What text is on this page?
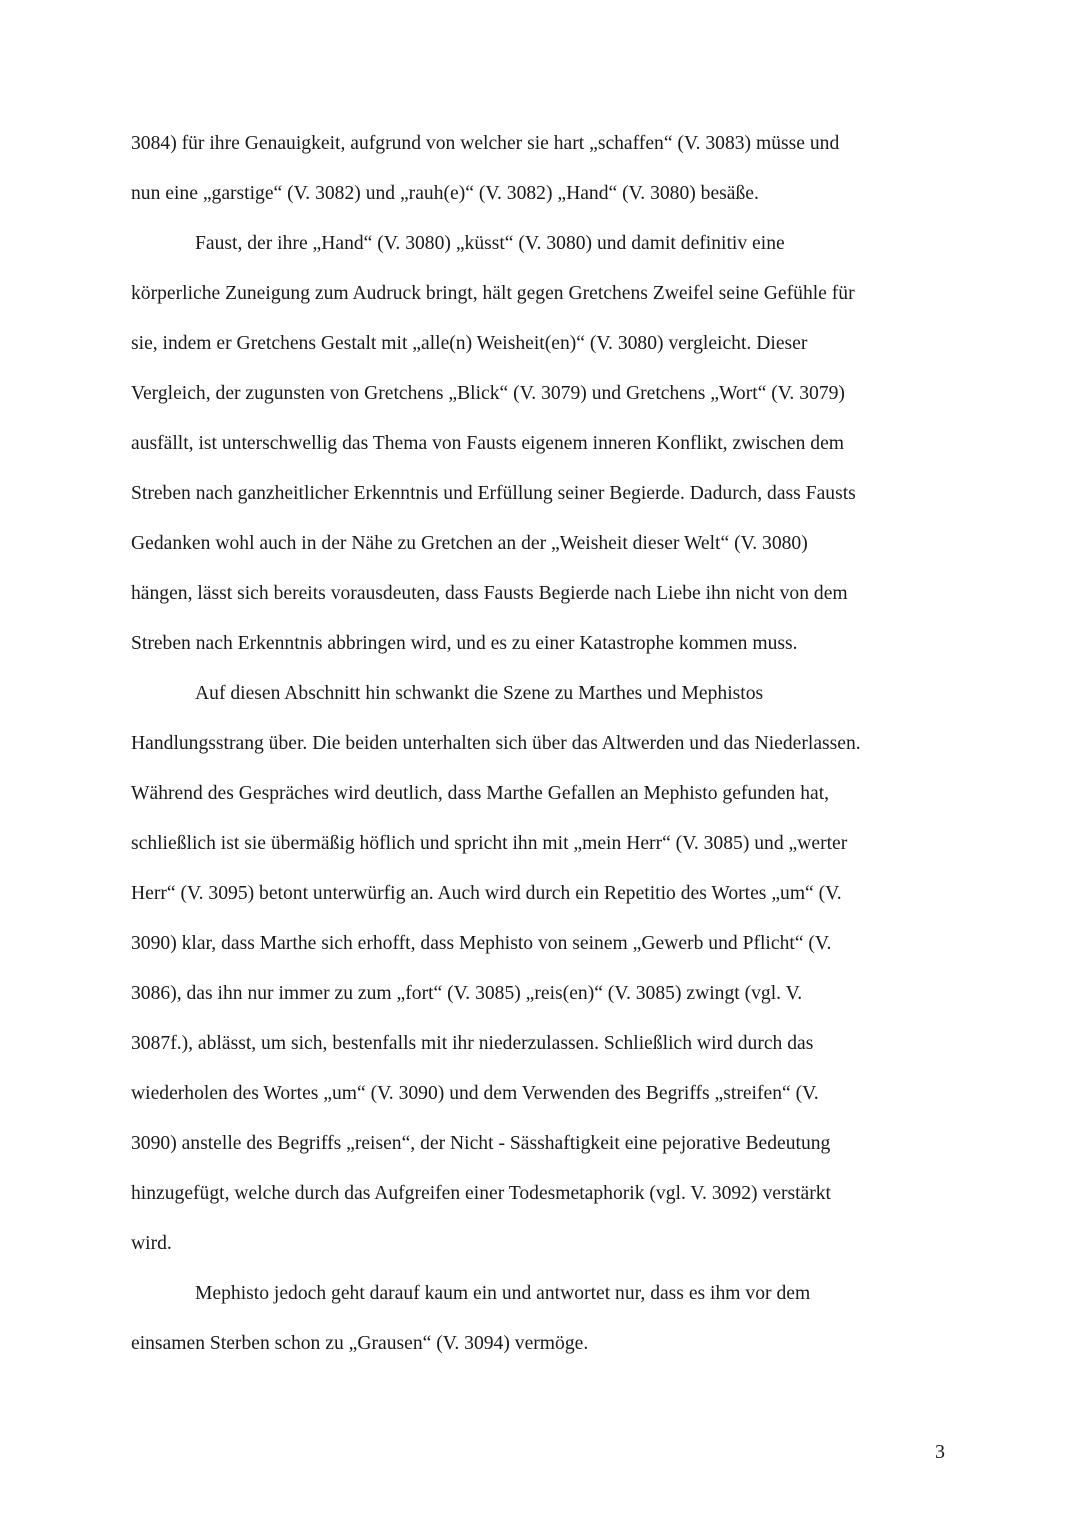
3084) für ihre Genauigkeit, aufgrund von welcher sie hart „schaffen“ (V. 3083) müsse und
nun eine „garstige“ (V. 3082) und „rauh(e)“ (V. 3082) „Hand“ (V. 3080) besäße.
Faust, der ihre „Hand“ (V. 3080) „küsst“ (V. 3080) und damit definitiv eine
körperliche Zuneigung zum Audruck bringt, hält gegen Gretchens Zweifel seine Gefühle für
sie, indem er Gretchens Gestalt mit „alle(n) Weisheit(en)“ (V. 3080) vergleicht. Dieser
Vergleich, der zugunsten von Gretchens „Blick“ (V. 3079) und Gretchens „Wort“ (V. 3079)
ausfällt, ist unterschwellig das Thema von Fausts eigenem inneren Konflikt, zwischen dem
Streben nach ganzheitlicher Erkenntnis und Erfüllung seiner Begierde. Dadurch, dass Fausts
Gedanken wohl auch in der Nähe zu Gretchen an der „Weisheit dieser Welt“ (V. 3080)
hängen, lässt sich bereits vorausdeuten, dass Fausts Begierde nach Liebe ihn nicht von dem
Streben nach Erkenntnis abbringen wird, und es zu einer Katastrophe kommen muss.
Auf diesen Abschnitt hin schwankt die Szene zu Marthes und Mephistos
Handlungsstrang über. Die beiden unterhalten sich über das Altwerden und das Niederlassen.
Während des Gespräches wird deutlich, dass Marthe Gefallen an Mephisto gefunden hat,
schließlich ist sie übermäßig höflich und spricht ihn mit „mein Herr“ (V. 3085) und „werter
Herr“ (V. 3095) betont unterwürfig an. Auch wird durch ein Repetitio des Wortes „um“ (V.
3090) klar, dass Marthe sich erhofft, dass Mephisto von seinem „Gewerb und Pflicht“ (V.
3086), das ihn nur immer zu zum „fort“ (V. 3085) „reis(en)“ (V. 3085) zwingt (vgl. V.
3087f.), ablässt, um sich, bestenfalls mit ihr niederzulassen. Schließlich wird durch das
wiederholen des Wortes „um“ (V. 3090) und dem Verwenden des Begriffs „streifen“ (V.
3090) anstelle des Begriffs „reisen“, der Nicht - Sässhaftigkeit eine pejorative Bedeutung
hinzugefügt, welche durch das Aufgreifen einer Todesmetaphorik (vgl. V. 3092) verstärkt
wird.
Mephisto jedoch geht darauf kaum ein und antwortet nur, dass es ihm vor dem
einsamen Sterben schon zu „Grausen“ (V. 3094) vermöge.
3
